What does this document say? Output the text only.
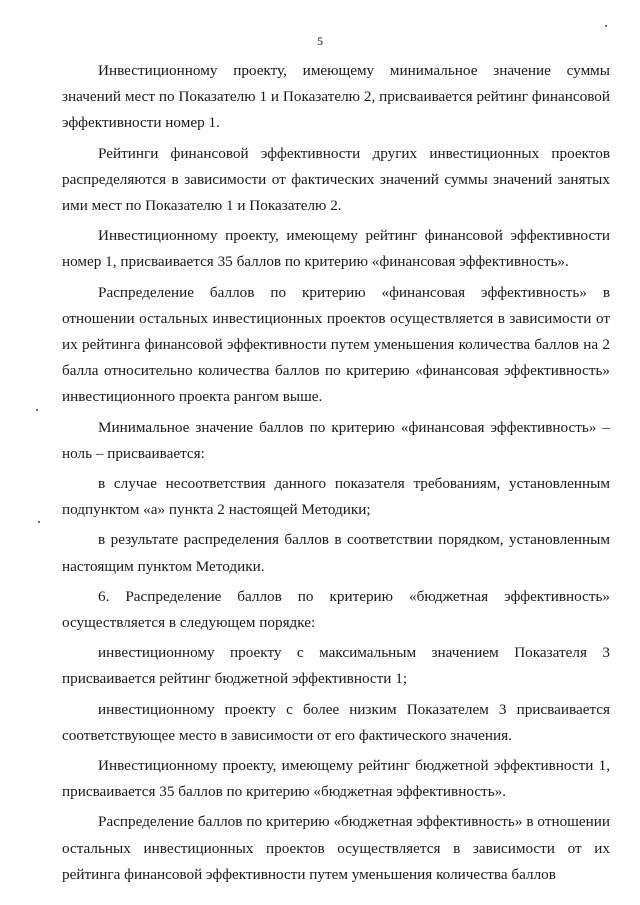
5

Инвестиционному проекту, имеющему минимальное значение суммы значений мест по Показателю 1 и Показателю 2, присваивается рейтинг финансовой эффективности номер 1.

Рейтинги финансовой эффективности других инвестиционных проектов распределяются в зависимости от фактических значений суммы значений занятых ими мест по Показателю 1 и Показателю 2.

Инвестиционному проекту, имеющему рейтинг финансовой эффективности номер 1, присваивается 35 баллов по критерию «финансовая эффективность».

Распределение баллов по критерию «финансовая эффективность» в отношении остальных инвестиционных проектов осуществляется в зависимости от их рейтинга финансовой эффективности путем уменьшения количества баллов на 2 балла относительно количества баллов по критерию «финансовая эффективность» инвестиционного проекта рангом выше.

Минимальное значение баллов по критерию «финансовая эффективность» – ноль – присваивается:

в случае несоответствия данного показателя требованиям, установленным подпунктом «а» пункта 2 настоящей Методики;

в результате распределения баллов в соответствии порядком, установленным настоящим пунктом Методики.

6. Распределение баллов по критерию «бюджетная эффективность» осуществляется в следующем порядке:

инвестиционному проекту с максимальным значением Показателя 3 присваивается рейтинг бюджетной эффективности 1;

инвестиционному проекту с более низким Показателем 3 присваивается соответствующее место в зависимости от его фактического значения.

Инвестиционному проекту, имеющему рейтинг бюджетной эффективности 1, присваивается 35 баллов по критерию «бюджетная эффективность».

Распределение баллов по критерию «бюджетная эффективность» в отношении остальных инвестиционных проектов осуществляется в зависимости от их рейтинга финансовой эффективности путем уменьшения количества баллов
